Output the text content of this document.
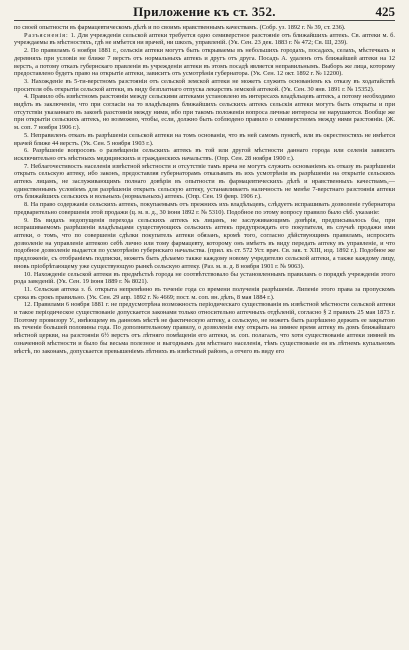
Приложение къ ст. 352.	425

по своей опытности въ фармацевтическомъ дѣлѣ и по своимъ нравственнымъ качествамъ. (Собр. уз. 1892 г. № 39, ст. 236).

Разъясненія: 1. Для учрежденія сельской аптеки требуется одно семиверстное разстояніе отъ ближайшихъ аптекъ. Св. аптеки м. б. учреждаемы въ мѣстностяхъ, гдѣ не имѣется ни врачей, ни школъ, управленій. (Ук. Сен. 23 дек. 1883 г. № 472; Св. Ш, 239).

2. По правиламъ 6 ноября 1881 г., сельскія аптеки могутъ быть открываемы въ небольшихъ городахъ, посадахъ, селахъ, мѣстечкахъ и деревняхъ при условіи не ближе 7 верстъ отъ нормальныхъ аптекъ и другъ отъ друга. Посадъ А. удаленъ отъ ближайшей аптеки на 12 верстъ, а потому отказъ губернскаго правленія въ учрежденіи аптеки въ этомъ посадѣ является неправильнымъ. Выборъ же лица, которому предоставлено будетъ право на открытіе аптеки, зависитъ отъ усмотрѣнія губернатора. (Ук. Сен. 12 окт. 1892 г. № 12200).

3. Нахожденіе въ 5-ти-верстномъ разстояніи отъ сельской земской аптеки не можетъ служить основаніемъ къ отказу въ ходатайствѣ просителя объ открытіи сельской аптеки, въ виду безплатнаго отпуска лекарствъ земской аптекой. (Ук. Сен. 30 янв. 1891 г. № 15352).

4. Правило объ извѣстномъ разстояніи между сельскими аптеками установлено въ интересахъ владѣльцевъ аптекъ, а потому необходимо видѣть въ заключеніи, что при согласіи на то владѣльцевъ ближайшихъ сельскихъ аптекъ сельскія аптеки могутъ быть открыты и при отсутствіи указаннаго въ законѣ разстоянія между ними, ибо при такомъ положеніи вопроса личные интересы не нарушаются. Вообще же при открытіи сельскихъ аптекъ, но возможно, чтобы, если, должно быть соблюдено правило о семиверстномъ между ними разстояніи. (Ж. м. соп. 7 ноября 1906 г.).

5. Неправиленъ отказъ въ разрѣшеніи сельской аптеки на томъ основаніи, что въ ней самомъ пунктѣ, или въ окрестностяхъ не имѣется врачей ближе 44 верстъ. (Ук. Сен. 5 ноября 1903 г.).

6. Разрѣшеніе вопросовъ о размѣщеніи сельскихъ аптекъ въ той или другой мѣстности даннаго города или селенія зависитъ исключительно отъ мѣстныхъ медицинскихъ и гражданскихъ начальствъ. (Опр. Сен. 28 ноября 1900 г.).

7. Неблагочестивость населенія извѣстной мѣстности и отсутствіе тамъ врача не могутъ служить основаніемъ къ отказу въ разрѣшеніи открыть сельскую аптеку, ибо законъ, предоставляя губернаторамъ отказывать въ ихъ усмотрѣніи въ разрѣшеніи на открытіе сельскихъ аптекъ лицамъ, не заслуживающимъ полнаго довѣрія въ опытности въ фармацевтическихъ дѣлѣ и нравственныхъ качествамъ,—единственнымъ условіемъ для разрѣшенія открыть сельскую аптеку, устанавливаетъ наличность не менѣе 7-верстнаго разстоянія аптеки отъ ближайшихъ сельскихъ и вольныхъ (нормальныхъ) аптекъ. (Опр. Сен. 19 февр. 1906 г.).

8. На право содержанія сельскихъ аптекъ, покупаемымъ отъ прежнихъ ихъ владѣльцевъ, слѣдуетъ испрашивать дозволеніе губернатора предварительно совершенія этой продажи (ц. м. в. д., 30 іюня 1892 г. № 5310). Подобное по этому вопросу правило было сѣб. указаніе:

9. Въ видахъ недопущенія перехода сельскихъ аптекъ къ лицамъ, не заслуживающимъ довѣрія, предписывалось бы, при испрашиваемомъ разрѣшеніи владѣльцами существующихъ сельскихъ аптекъ предупреждать его покупателя, въ случаѣ продажи ими аптеки, о томъ, что по совершеніи сдѣлки покупатель аптеки обязанъ, кромѣ того, согласно дѣйствующимъ правиламъ, испросить дозволеніе на управленіе аптекою себѣ лично или тому фармацевту, которому онъ имѣетъ въ виду передать аптеку въ управленіе, и что подобное дозволеніе выдается по усмотрѣнію губернскаго начальства. (прил. къ ст. 572 Уст. врач. Св. зак. т. XIII, изд. 1892 г.). Подобное же предложеніе, съ отобраніемъ подписки, можетъ быть дѣлаемо также каждому новому учредителю сельской аптеки, а также каждому лицу, вновь пріобрѣтающему уже существующую рынкѣ сельскую аптеку. (Раз. м. в. д. 8 ноября 1901 г. № 9063).

10. Нахожденіе сельской аптеки въ предмѣстьѣ города не соотвѣтствовало бы установленнымъ правиламъ о порядкѣ учрежденія этого рода заведеній. (Ук. Сен. 19 іюня 1889 г. № 8021).

11. Сельская аптека з. б. открыта непремѣнно въ теченіе года со времени полученія разрѣшенія. Липеніе этого права за пропускомъ срока въ срокъ правильно. (Ук. Сен. 29 апр. 1892 г. № 4669; пост. м. соп. вн. дѣлъ, 8 мая 1884 г.).

12. Правилами 6 ноября 1881 г. не предусмотрѣна возможность періодическаго существованія въ извѣстной мѣстности сельской аптеки и такое періодическое существованіе допускается законами только относительно аптечныхъ отдѣленій, согласно § 2 правилъ 25 мая 1873 г. Поэтому провизору У., имѣющему въ данномъ мѣстѣ не фактическую аптеку, а сельскую, не можетъ быть разрѣшено держать ее закрытою въ теченіе большей половины года. По дополнительному правилу, о дозволеніи ему открыть на зимнее время аптеку въ домъ ближайшаго мѣстной церкви, на разстояніи 6½ верстъ отъ лѣтняго помѣщенія его аптеки, м. соп. полагалъ, что хотя существованіе аптеки зимней въ означенной мѣстности и было бы весьма полезное и выгоднымъ для мѣстнаго населенія, тѣмъ существованіе ея въ лѣтнемъ купальномъ мѣстѣ, по законамъ, допускается превышеніемъ лѣтнихъ въ извѣстный районъ, а отчего въ виду его
